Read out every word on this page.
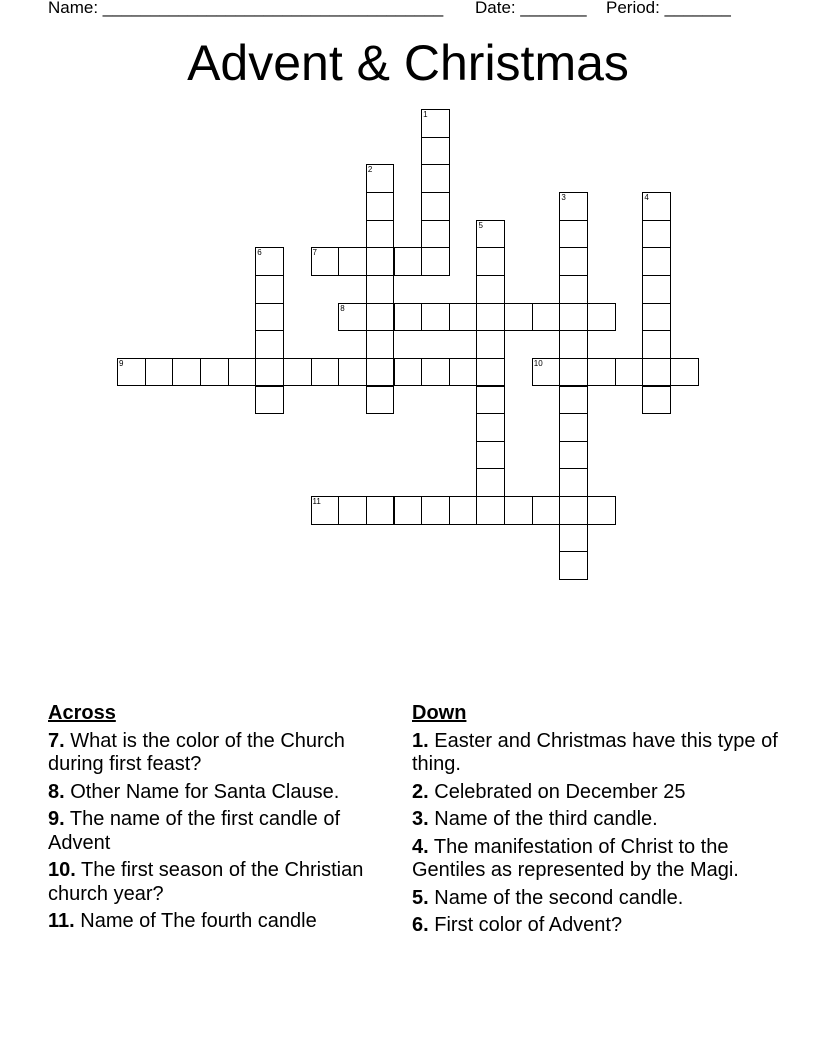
Name: ____________________________________ Date: _______ Period: _______
Advent & Christmas
1
2
3	4
5
6	7
8
9	10
11
Across
7. What is the color of the Church during first feast?
8. Other Name for Santa Clause.
9. The name of the first candle of Advent
10. The first season of the Christian church year?
11. Name of The fourth candle
Down
1. Easter and Christmas have this type of thing.
2. Celebrated on December 25
3. Name of the third candle.
4. The manifestation of Christ to the Gentiles as represented by the Magi.
5. Name of the second candle.
6. First color of Advent?
